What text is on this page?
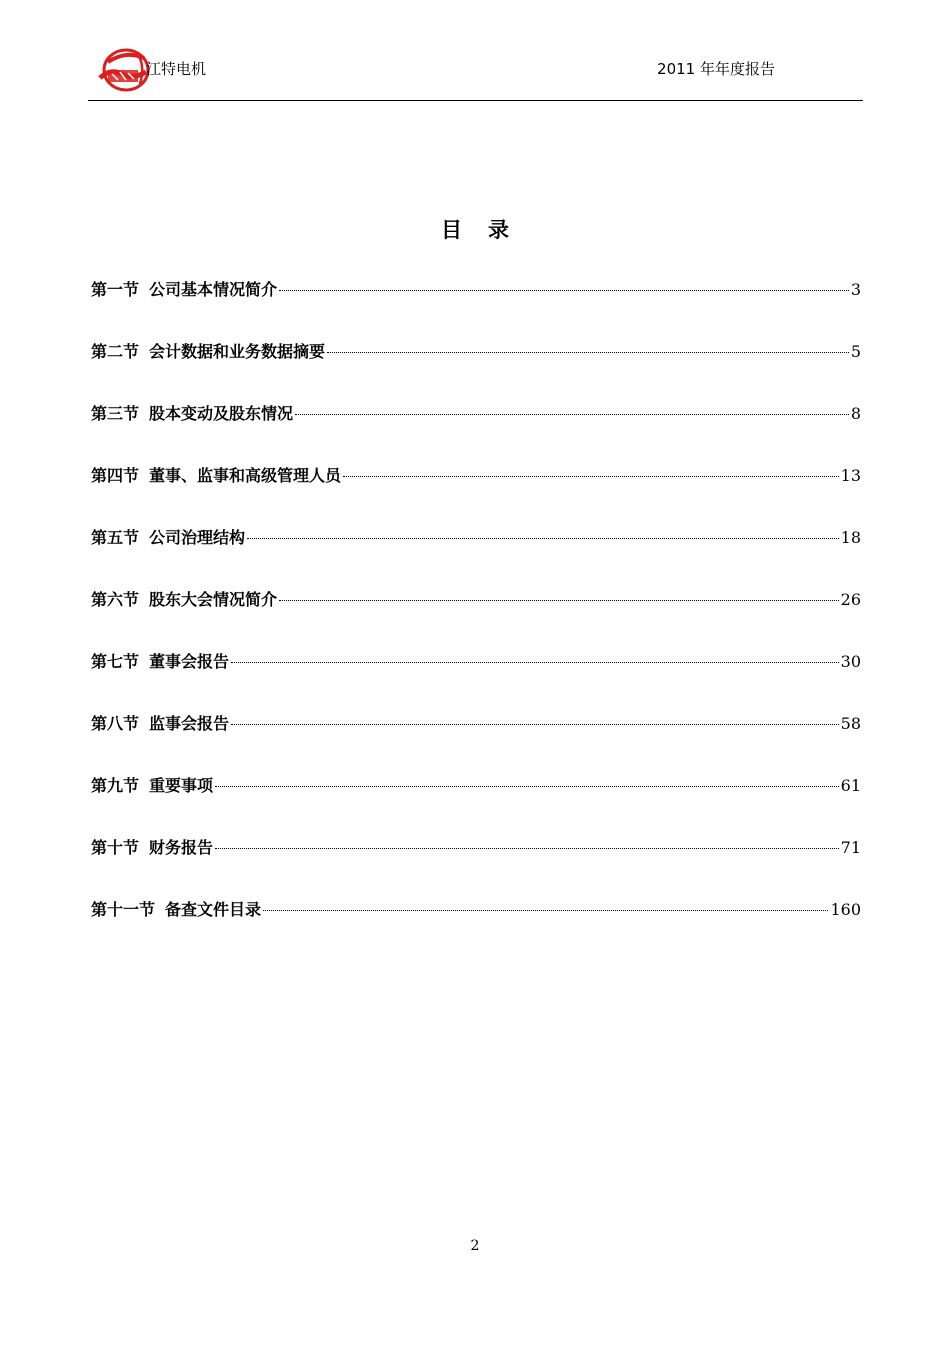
江特电机	2011 年年度报告
目录
第一节 公司基本情况简介	3
第二节 会计数据和业务数据摘要	5
第三节 股本变动及股东情况	8
第四节 董事、监事和高级管理人员	13
第五节 公司治理结构	18
第六节 股东大会情况简介	26
第七节 董事会报告	30
第八节 监事会报告	58
第九节 重要事项	61
第十节 财务报告	71
第十一节 备查文件目录	160
2
